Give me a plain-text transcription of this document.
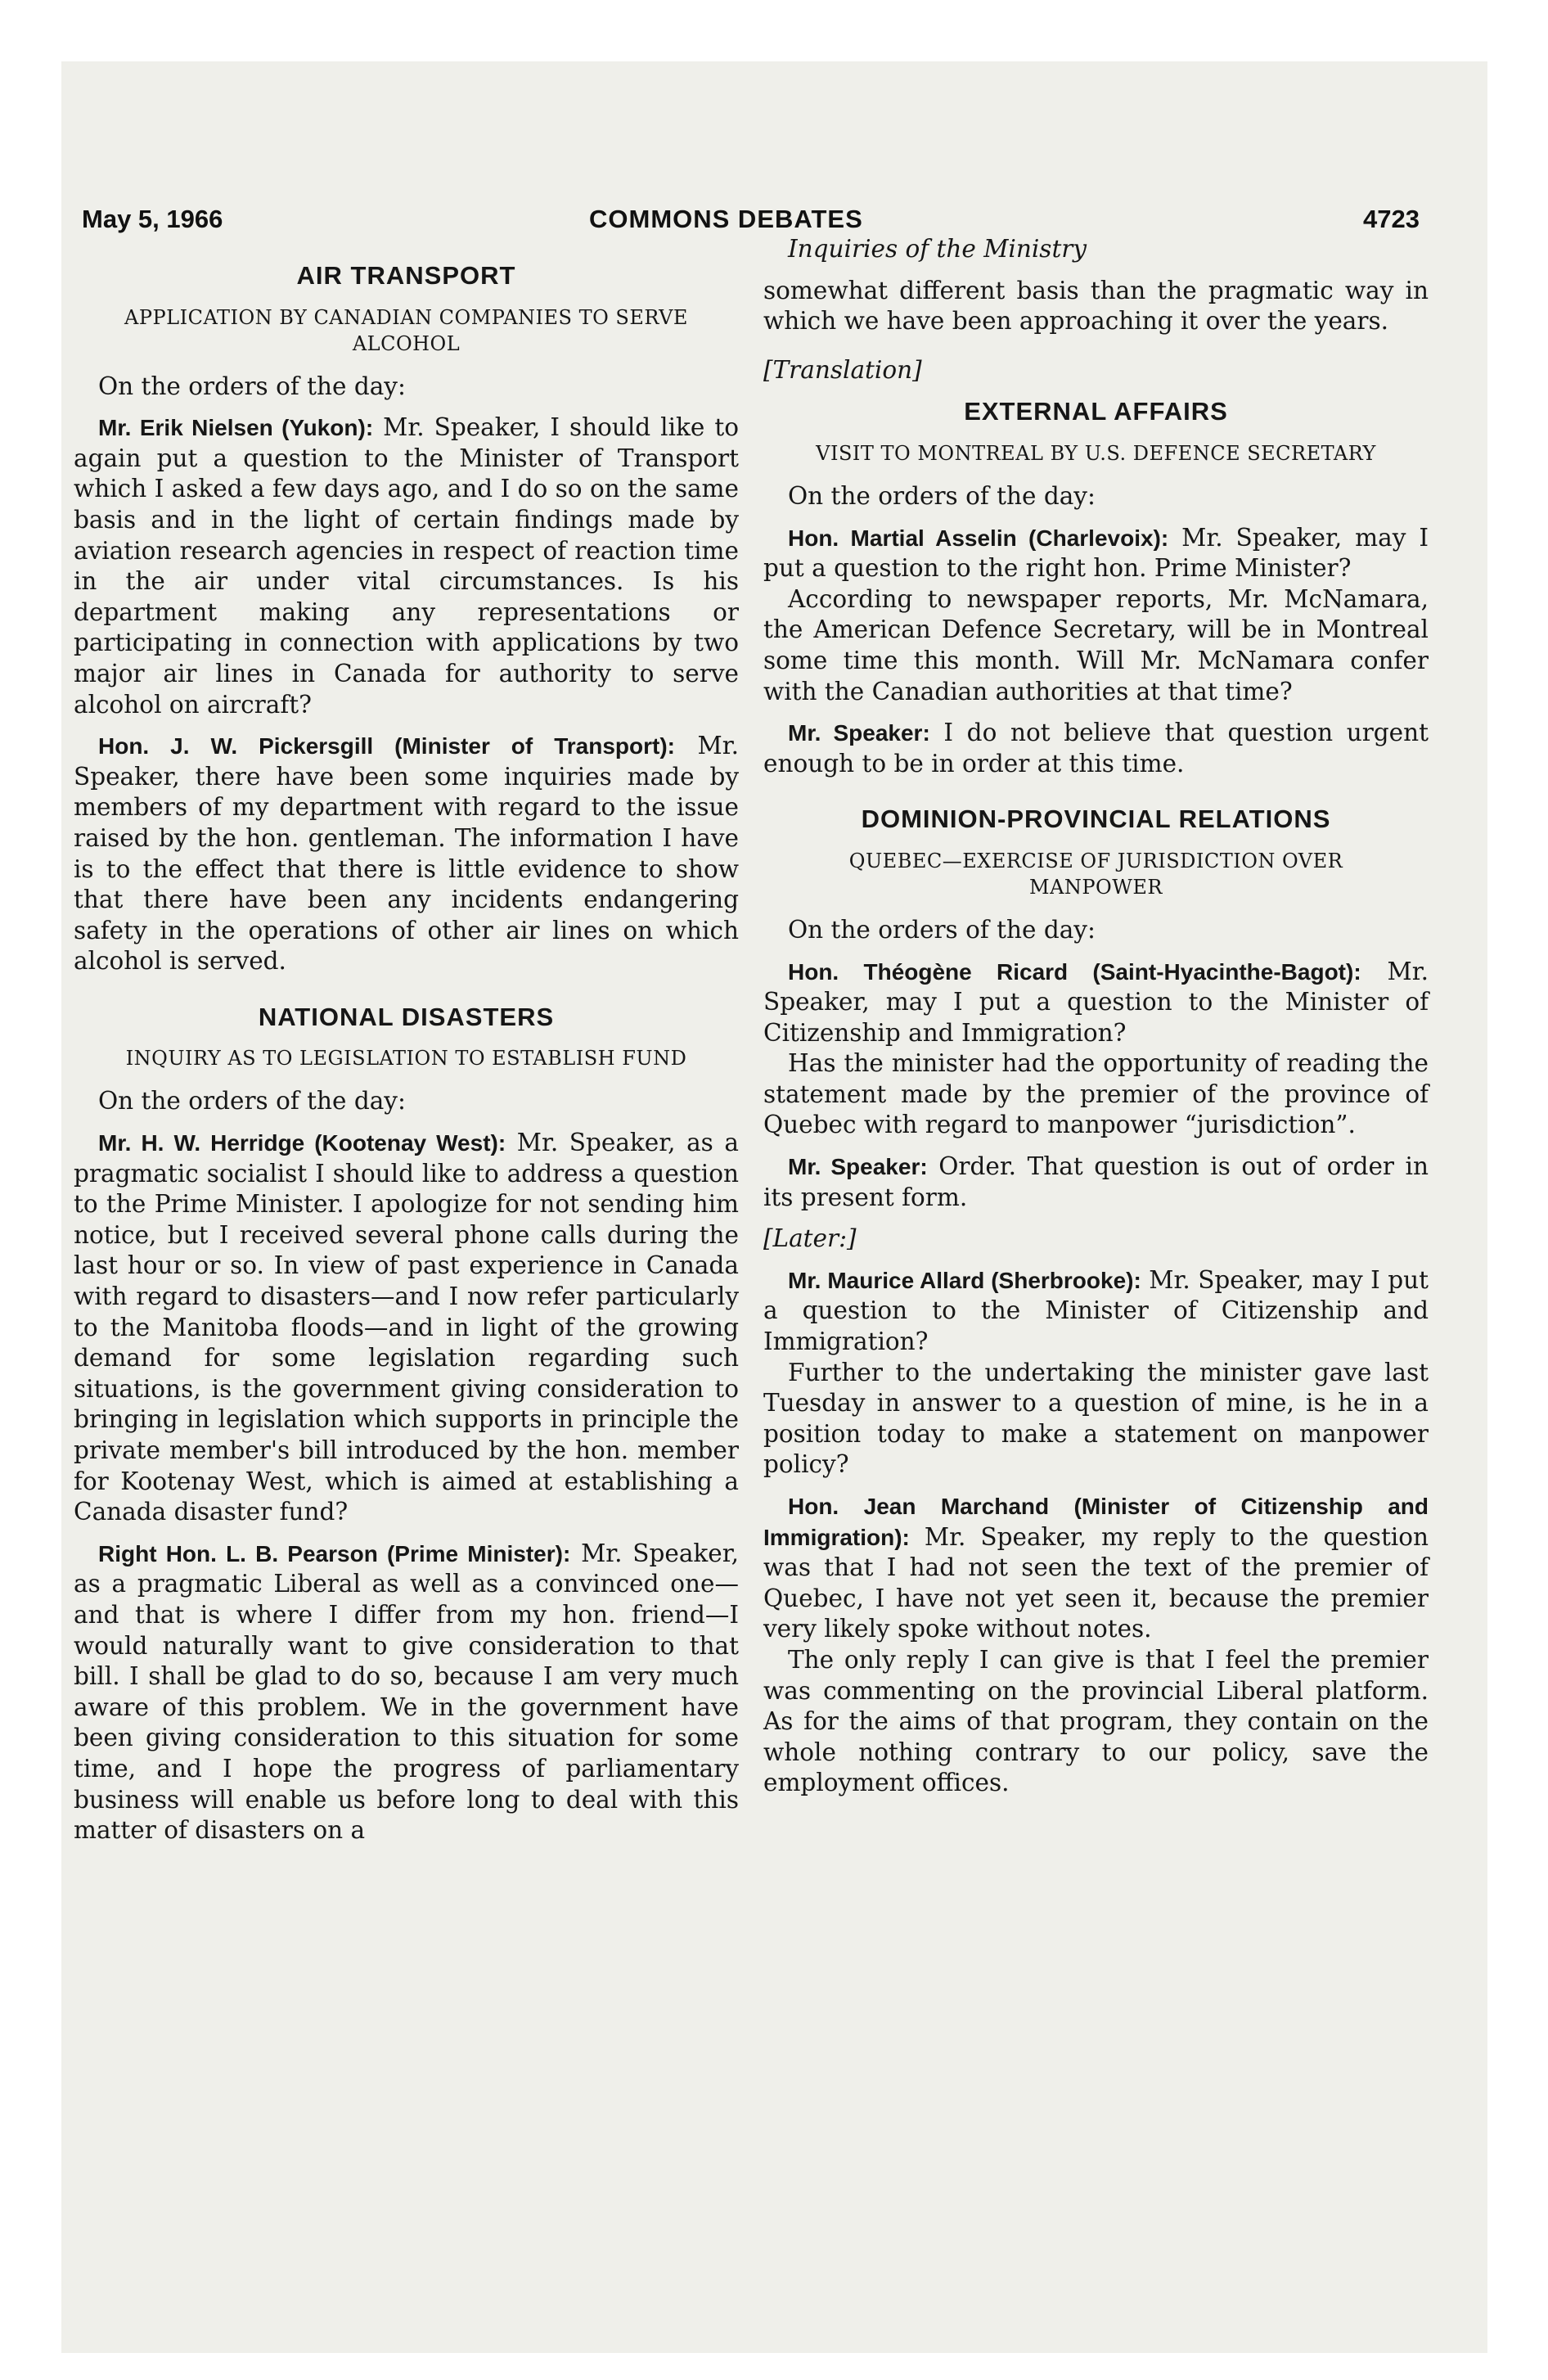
May 5, 1966	COMMONS DEBATES	4723
AIR TRANSPORT
APPLICATION BY CANADIAN COMPANIES TO SERVE ALCOHOL

On the orders of the day:

Mr. Erik Nielsen (Yukon): Mr. Speaker, I should like to again put a question to the Minister of Transport which I asked a few days ago, and I do so on the same basis and in the light of certain findings made by aviation research agencies in respect of reaction time in the air under vital circumstances. Is his department making any representations or participating in connection with applications by two major air lines in Canada for authority to serve alcohol on aircraft?

Hon. J. W. Pickersgill (Minister of Transport): Mr. Speaker, there have been some inquiries made by members of my department with regard to the issue raised by the hon. gentleman. The information I have is to the effect that there is little evidence to show that there have been any incidents endangering safety in the operations of other air lines on which alcohol is served.

NATIONAL DISASTERS
INQUIRY AS TO LEGISLATION TO ESTABLISH FUND

On the orders of the day:

Mr. H. W. Herridge (Kootenay West): Mr. Speaker, as a pragmatic socialist I should like to address a question to the Prime Minister. I apologize for not sending him notice, but I received several phone calls during the last hour or so. In view of past experience in Canada with regard to disasters—and I now refer particularly to the Manitoba floods—and in light of the growing demand for some legislation regarding such situations, is the government giving consideration to bringing in legislation which supports in principle the private member's bill introduced by the hon. member for Kootenay West, which is aimed at establishing a Canada disaster fund?

Right Hon. L. B. Pearson (Prime Minister): Mr. Speaker, as a pragmatic Liberal as well as a convinced one—and that is where I differ from my hon. friend—I would naturally want to give consideration to that bill. I shall be glad to do so, because I am very much aware of this problem. We in the government have been giving consideration to this situation for some time, and I hope the progress of parliamentary business will enable us before long to deal with this matter of disasters on a

Inquiries of the Ministry

somewhat different basis than the pragmatic way in which we have been approaching it over the years.

[Translation]

EXTERNAL AFFAIRS
VISIT TO MONTREAL BY U.S. DEFENCE SECRETARY

On the orders of the day:

Hon. Martial Asselin (Charlevoix): Mr. Speaker, may I put a question to the right hon. Prime Minister?

According to newspaper reports, Mr. McNamara, the American Defence Secretary, will be in Montreal some time this month. Will Mr. McNamara confer with the Canadian authorities at that time?

Mr. Speaker: I do not believe that question urgent enough to be in order at this time.

DOMINION-PROVINCIAL RELATIONS
QUEBEC—EXERCISE OF JURISDICTION OVER MANPOWER

On the orders of the day:

Hon. Théogène Ricard (Saint-Hyacinthe-Bagot): Mr. Speaker, may I put a question to the Minister of Citizenship and Immigration?

Has the minister had the opportunity of reading the statement made by the premier of the province of Quebec with regard to manpower “jurisdiction”.

Mr. Speaker: Order. That question is out of order in its present form.

[Later:]

Mr. Maurice Allard (Sherbrooke): Mr. Speaker, may I put a question to the Minister of Citizenship and Immigration?

Further to the undertaking the minister gave last Tuesday in answer to a question of mine, is he in a position today to make a statement on manpower policy?

Hon. Jean Marchand (Minister of Citizenship and Immigration): Mr. Speaker, my reply to the question was that I had not seen the text of the premier of Quebec, I have not yet seen it, because the premier very likely spoke without notes.

The only reply I can give is that I feel the premier was commenting on the provincial Liberal platform. As for the aims of that program, they contain on the whole nothing contrary to our policy, save the employment offices.
